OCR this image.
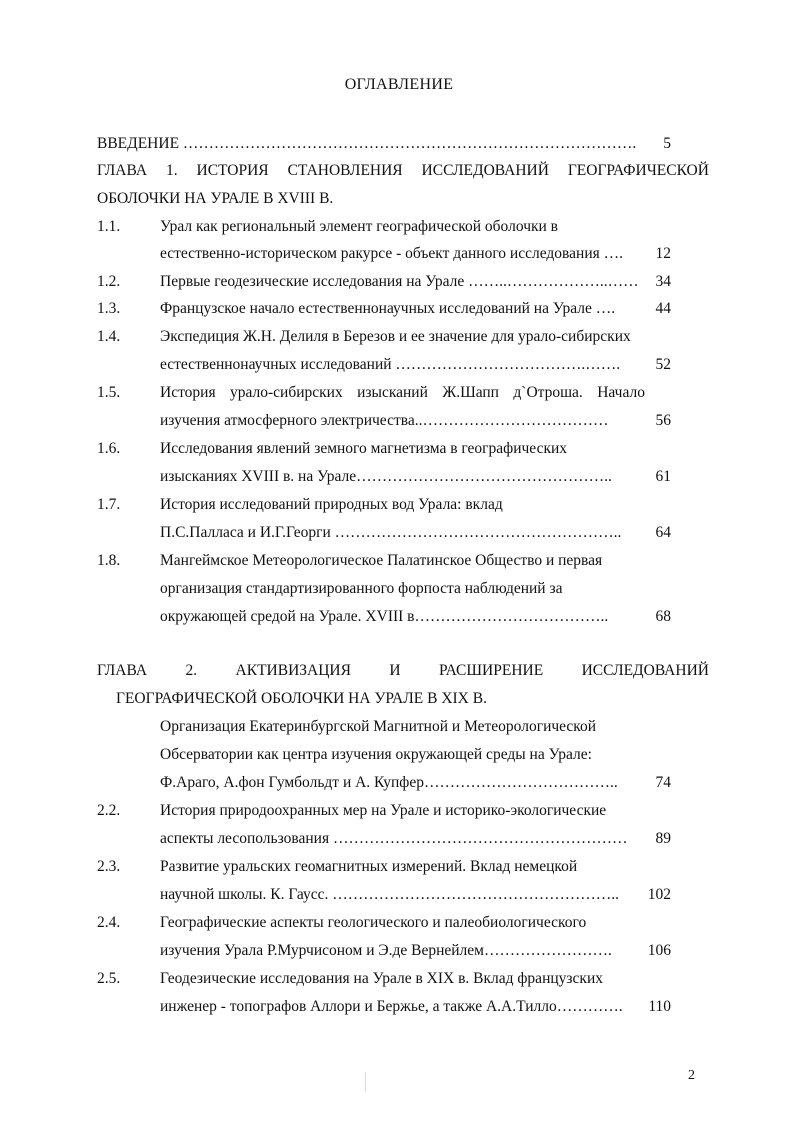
ОГЛАВЛЕНИЕ
ВВЕДЕНИЕ ……………………………………………………………………………. 5
ГЛАВА 1. ИСТОРИЯ СТАНОВЛЕНИЯ ИССЛЕДОВАНИЙ ГЕОГРАФИЧЕСКОЙ
ОБОЛОЧКИ НА УРАЛЕ В XVIII В.
1.1.	Урал как региональный элемент географической оболочки в
естественно-историческом ракурсе - объект данного исследования …. 12
1.2.	Первые геодезические исследования на Урале ……..………………..…… 34
1.3.	Французское начало естественнонаучных исследований на Урале ….	44
1.4.	Экспедиция Ж.Н. Делиля в Березов и ее значение для урало-сибирских
естественнонаучных исследований ……………………………….……. 52
1.5.	История урало-сибирских изысканий Ж.Шапп д`Отроша. Начало
изучения атмосферного электричества..………………………………	56
1.6.	Исследования явлений земного магнетизма в географических
изысканиях XVIII в. на Урале…………………………………………..	61
1.7.	История исследований природных вод Урала: вклад
П.С.Палласа и И.Г.Георги ……………………………………………….. 64
1.8.	Мангеймское Метеорологическое Палатинское Общество и первая
организация стандартизированного форпоста наблюдений за
окружающей средой на Урале. XVIII в………………………………..	68
ГЛАВА 2. АКТИВИЗАЦИЯ И РАСШИРЕНИЕ ИССЛЕДОВАНИЙ
ГЕОГРАФИЧЕСКОЙ ОБОЛОЧКИ НА УРАЛЕ В XIX В.
Организация Екатеринбургской Магнитной и Метеорологической
Обсерватории как центра изучения окружающей среды на Урале:
Ф.Араго, А.фон Гумбольдт и А. Купфер……………………………….. 74
2.2.	История природоохранных мер на Урале и историко-экологические
аспекты лесопользования ………………………………………………… 89
2.3.	Развитие уральских геомагнитных измерений. Вклад немецкой
научной школы. К. Гаусс. ……………………………………………….. 102
2.4.	Географические аспекты геологического и палеобиологического
изучения Урала Р.Мурчисоном и Э.де Вернейлем……………………. 106
2.5.	Геодезические исследования на Урале в XIX в. Вклад французских
инженер - топографов Аллори и Бержье, а также А.А.Тилло…………. 110
2
